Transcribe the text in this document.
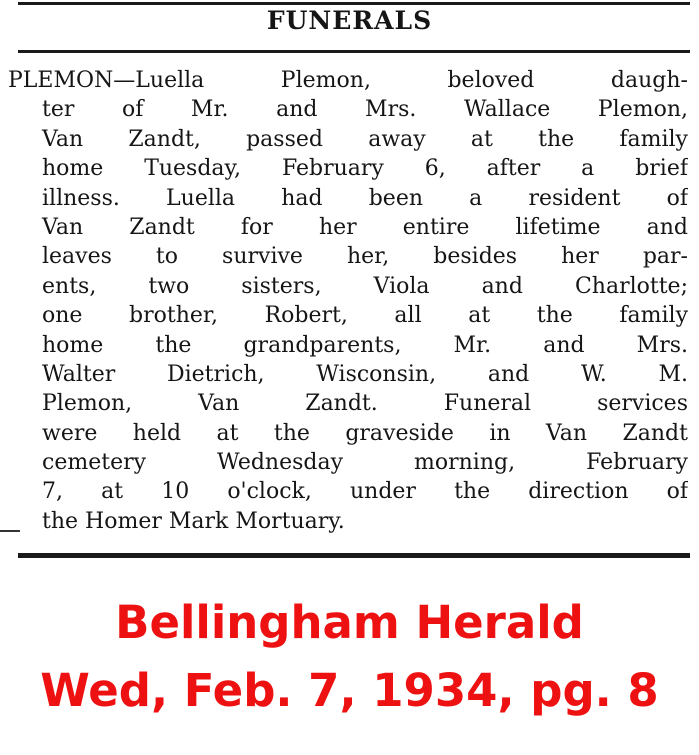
FUNERALS
PLEMON—Luella Plemon, beloved daugh-
ter of Mr. and Mrs. Wallace Plemon,
Van Zandt, passed away at the family
home Tuesday, February 6, after a brief
illness. Luella had been a resident of
Van Zandt for her entire lifetime and
leaves to survive her, besides her par-
ents, two sisters, Viola and Charlotte;
one brother, Robert, all at the family
home the grandparents, Mr. and Mrs.
Walter Dietrich, Wisconsin, and W. M.
Plemon, Van Zandt. Funeral services
were held at the graveside in Van Zandt
cemetery Wednesday morning, February
7, at 10 o'clock, under the direction of
the Homer Mark Mortuary.
Bellingham Herald
Wed, Feb. 7, 1934, pg. 8
